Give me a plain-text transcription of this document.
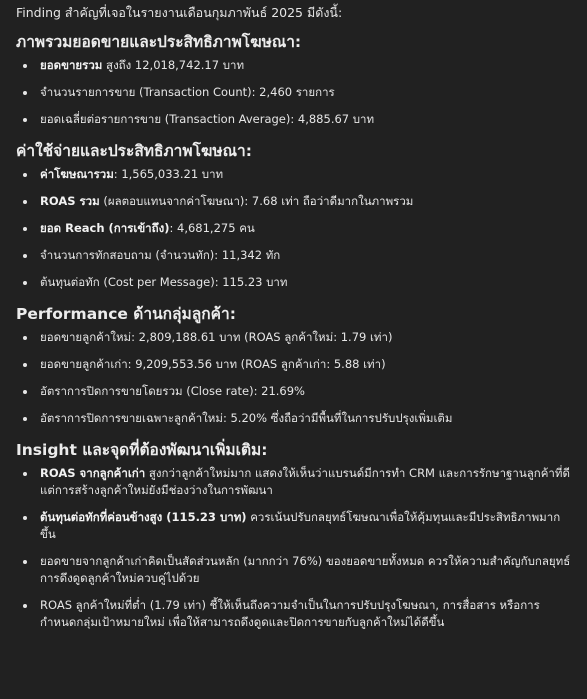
Finding สำคัญที่เจอในรายงานเดือนกุมภาพันธ์ 2025 มีดังนี้:

ภาพรวมยอดขายและประสิทธิภาพโฆษณา:
ยอดขายรวม สูงถึง 12,018,742.17 บาท
จำนวนรายการขาย (Transaction Count): 2,460 รายการ
ยอดเฉลี่ยต่อรายการขาย (Transaction Average): 4,885.67 บาท
ค่าใช้จ่ายและประสิทธิภาพโฆษณา:
ค่าโฆษณารวม: 1,565,033.21 บาท
ROAS รวม (ผลตอบแทนจากค่าโฆษณา): 7.68 เท่า ถือว่าดีมากในภาพรวม
ยอด Reach (การเข้าถึง): 4,681,275 คน
จำนวนการทักสอบถาม (จำนวนทัก): 11,342 ทัก
ต้นทุนต่อทัก (Cost per Message): 115.23 บาท
Performance ด้านกลุ่มลูกค้า:
ยอดขายลูกค้าใหม่: 2,809,188.61 บาท (ROAS ลูกค้าใหม่: 1.79 เท่า)
ยอดขายลูกค้าเก่า: 9,209,553.56 บาท (ROAS ลูกค้าเก่า: 5.88 เท่า)
อัตราการปิดการขายโดยรวม (Close rate): 21.69%
อัตราการปิดการขายเฉพาะลูกค้าใหม่: 5.20% ซึ่งถือว่ามีพื้นที่ในการปรับปรุงเพิ่มเติม
Insight และจุดที่ต้องพัฒนาเพิ่มเติม:
ROAS จากลูกค้าเก่า สูงกว่าลูกค้าใหม่มาก แสดงให้เห็นว่าแบรนด์มีการทำ CRM และการรักษาฐานลูกค้าที่ดี แต่การสร้างลูกค้าใหม่ยังมีช่องว่างในการพัฒนา
ต้นทุนต่อทักที่ค่อนข้างสูง (115.23 บาท) ควรเน้นปรับกลยุทธ์โฆษณาเพื่อให้คุ้มทุนและมีประสิทธิภาพมากขึ้น
ยอดขายจากลูกค้าเก่าคิดเป็นสัดส่วนหลัก (มากกว่า 76%) ของยอดขายทั้งหมด ควรให้ความสำคัญกับกลยุทธ์การดึงดูดลูกค้าใหม่ควบคู่ไปด้วย
ROAS ลูกค้าใหม่ที่ต่ำ (1.79 เท่า) ชี้ให้เห็นถึงความจำเป็นในการปรับปรุงโฆษณา, การสื่อสาร หรือการกำหนดกลุ่มเป้าหมายใหม่ เพื่อให้สามารถดึงดูดและปิดการขายกับลูกค้าใหม่ได้ดีขึ้น
